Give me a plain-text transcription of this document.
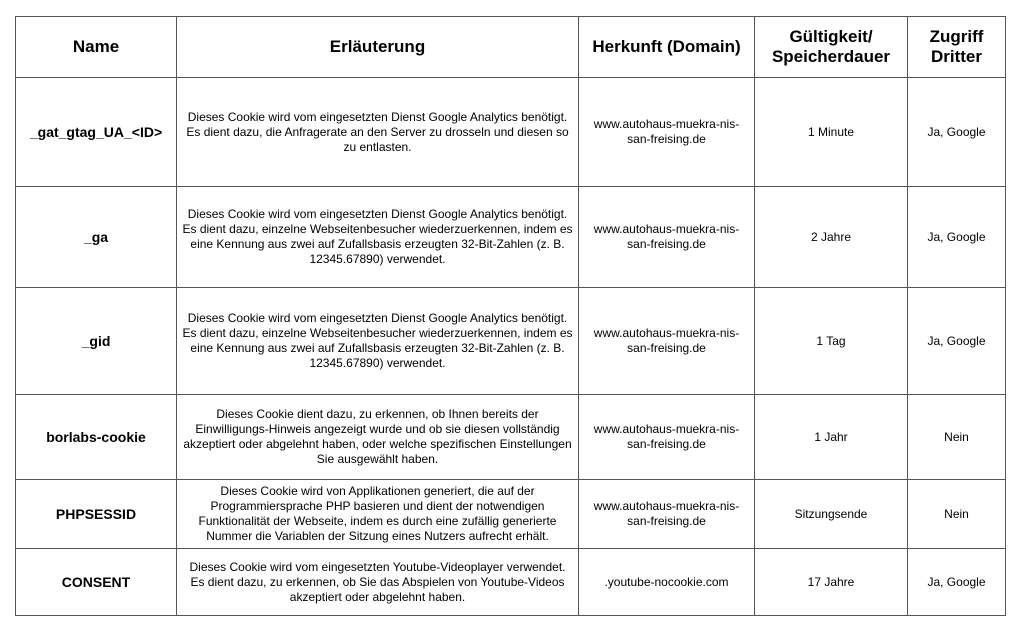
Name	Erläuterung	Herkunft (Domain)	Gültigkeit/ Speicherdauer	Zugriff Dritter
_gat_gtag_UA_<ID>	Dieses Cookie wird vom eingesetzten Dienst Google Analytics benötigt. Es dient dazu, die Anfragerate an den Server zu drosseln und diesen so zu entlasten.	www.autohaus-muekra-nis-san-freising.de	1 Minute	Ja, Google
_ga	Dieses Cookie wird vom eingesetzten Dienst Google Analytics benötigt. Es dient dazu, einzelne Webseitenbesucher wiederzuerkennen, indem es eine Kennung aus zwei auf Zufallsbasis erzeugten 32-Bit-Zahlen (z. B. 12345.67890) verwendet.	www.autohaus-muekra-nis-san-freising.de	2 Jahre	Ja, Google
_gid	Dieses Cookie wird vom eingesetzten Dienst Google Analytics benötigt. Es dient dazu, einzelne Webseitenbesucher wiederzuerkennen, indem es eine Kennung aus zwei auf Zufallsbasis erzeugten 32-Bit-Zahlen (z. B. 12345.67890) verwendet.	www.autohaus-muekra-nis-san-freising.de	1 Tag	Ja, Google
borlabs-cookie	Dieses Cookie dient dazu, zu erkennen, ob Ihnen bereits der Einwilligungs-Hinweis angezeigt wurde und ob sie diesen vollständig akzeptiert oder abgelehnt haben, oder welche spezifischen Einstellungen Sie ausgewählt haben.	www.autohaus-muekra-nis-san-freising.de	1 Jahr	Nein
PHPSESSID	Dieses Cookie wird von Applikationen generiert, die auf der Programmiersprache PHP basieren und dient der notwendigen Funktionalität der Webseite, indem es durch eine zufällig generierte Nummer die Variablen der Sitzung eines Nutzers aufrecht erhält.	www.autohaus-muekra-nis-san-freising.de	Sitzungsende	Nein
CONSENT	Dieses Cookie wird vom eingesetzten Youtube-Videoplayer verwendet. Es dient dazu, zu erkennen, ob Sie das Abspielen von Youtube-Videos akzeptiert oder abgelehnt haben.	.youtube-nocookie.com	17 Jahre	Ja, Google
